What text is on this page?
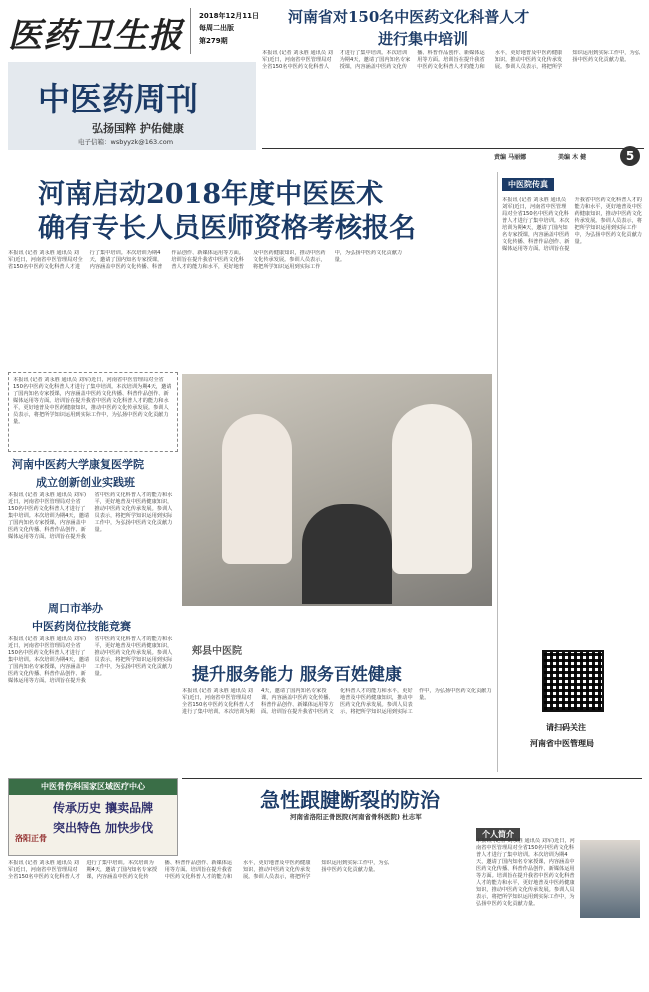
医药卫生报 2018年12月11日
每周二出版
第279期
中医药周刊
弘扬国粹 护佑健康
电子信箱：wsbyyzk@163.com
河南省对150名中医药文化科普人才
进行集中培训
本报讯 (记者 刘永胜 通讯员 刘军)近日，河南省中医管理局对全省150名中医药文化科普人才进行了集中培训。本次培训为期4天，邀请了国内知名专家授课，内容涵盖中医药文化传播、科普作品创作、新媒体运用等方面。培训旨在提升我省中医药文化科普人才的能力和水平，更好地普及中医药健康知识，推动中医药文化传承发展。参训人员表示，将把所学知识运用到实际工作中，为弘扬中医药文化贡献力量。
责编 马丽娜	美编 木 健	5
河南启动2018年度中医医术
确有专长人员医师资格考核报名
本报讯 (记者 刘永胜 通讯员 刘军)近日，河南省中医管理局对全省150名中医药文化科普人才进行了集中培训。本次培训为期4天，邀请了国内知名专家授课，内容涵盖中医药文化传播、科普作品创作、新媒体运用等方面。培训旨在提升我省中医药文化科普人才的能力和水平，更好地普及中医药健康知识，推动中医药文化传承发展。参训人员表示，将把所学知识运用到实际工作中，为弘扬中医药文化贡献力量。
本报讯 (记者 刘永胜 通讯员 刘军)近日，河南省中医管理局对全省150名中医药文化科普人才进行了集中培训。本次培训为期4天，邀请了国内知名专家授课，内容涵盖中医药文化传播、科普作品创作、新媒体运用等方面。培训旨在提升我省中医药文化科普人才的能力和水平，更好地普及中医药健康知识，推动中医药文化传承发展。参训人员表示，将把所学知识运用到实际工作中，为弘扬中医药文化贡献力量。
河南中医药大学康复医学院
成立创新创业实践班
本报讯 (记者 刘永胜 通讯员 刘军)近日，河南省中医管理局对全省150名中医药文化科普人才进行了集中培训。本次培训为期4天，邀请了国内知名专家授课，内容涵盖中医药文化传播、科普作品创作、新媒体运用等方面。培训旨在提升我省中医药文化科普人才的能力和水平，更好地普及中医药健康知识，推动中医药文化传承发展。参训人员表示，将把所学知识运用到实际工作中，为弘扬中医药文化贡献力量。
周口市举办
中医药岗位技能竞赛
本报讯 (记者 刘永胜 通讯员 刘军)近日，河南省中医管理局对全省150名中医药文化科普人才进行了集中培训。本次培训为期4天，邀请了国内知名专家授课，内容涵盖中医药文化传播、科普作品创作、新媒体运用等方面。培训旨在提升我省中医药文化科普人才的能力和水平，更好地普及中医药健康知识，推动中医药文化传承发展。参训人员表示，将把所学知识运用到实际工作中，为弘扬中医药文化贡献力量。
郏县中医院
提升服务能力 服务百姓健康
本报讯 (记者 刘永胜 通讯员 刘军)近日，河南省中医管理局对全省150名中医药文化科普人才进行了集中培训。本次培训为期4天，邀请了国内知名专家授课，内容涵盖中医药文化传播、科普作品创作、新媒体运用等方面。培训旨在提升我省中医药文化科普人才的能力和水平，更好地普及中医药健康知识，推动中医药文化传承发展。参训人员表示，将把所学知识运用到实际工作中，为弘扬中医药文化贡献力量。
中医院传真
本报讯 (记者 刘永胜 通讯员 刘军)近日，河南省中医管理局对全省150名中医药文化科普人才进行了集中培训。本次培训为期4天，邀请了国内知名专家授课，内容涵盖中医药文化传播、科普作品创作、新媒体运用等方面。培训旨在提升我省中医药文化科普人才的能力和水平，更好地普及中医药健康知识，推动中医药文化传承发展。参训人员表示，将把所学知识运用到实际工作中，为弘扬中医药文化贡献力量。
请扫码关注
河南省中医管理局
中医骨伤科国家区域医疗中心
传承历史 攘卖品牌
突出特色 加快步伐
洛阳正骨
急性跟腱断裂的防治
河南省洛阳正骨医院(河南省骨科医院) 杜志军
本报讯 (记者 刘永胜 通讯员 刘军)近日，河南省中医管理局对全省150名中医药文化科普人才进行了集中培训。本次培训为期4天，邀请了国内知名专家授课，内容涵盖中医药文化传播、科普作品创作、新媒体运用等方面。培训旨在提升我省中医药文化科普人才的能力和水平，更好地普及中医药健康知识，推动中医药文化传承发展。参训人员表示，将把所学知识运用到实际工作中，为弘扬中医药文化贡献力量。
个人简介
本报讯 (记者 刘永胜 通讯员 刘军)近日，河南省中医管理局对全省150名中医药文化科普人才进行了集中培训。本次培训为期4天，邀请了国内知名专家授课，内容涵盖中医药文化传播、科普作品创作、新媒体运用等方面。培训旨在提升我省中医药文化科普人才的能力和水平，更好地普及中医药健康知识，推动中医药文化传承发展。参训人员表示，将把所学知识运用到实际工作中，为弘扬中医药文化贡献力量。
